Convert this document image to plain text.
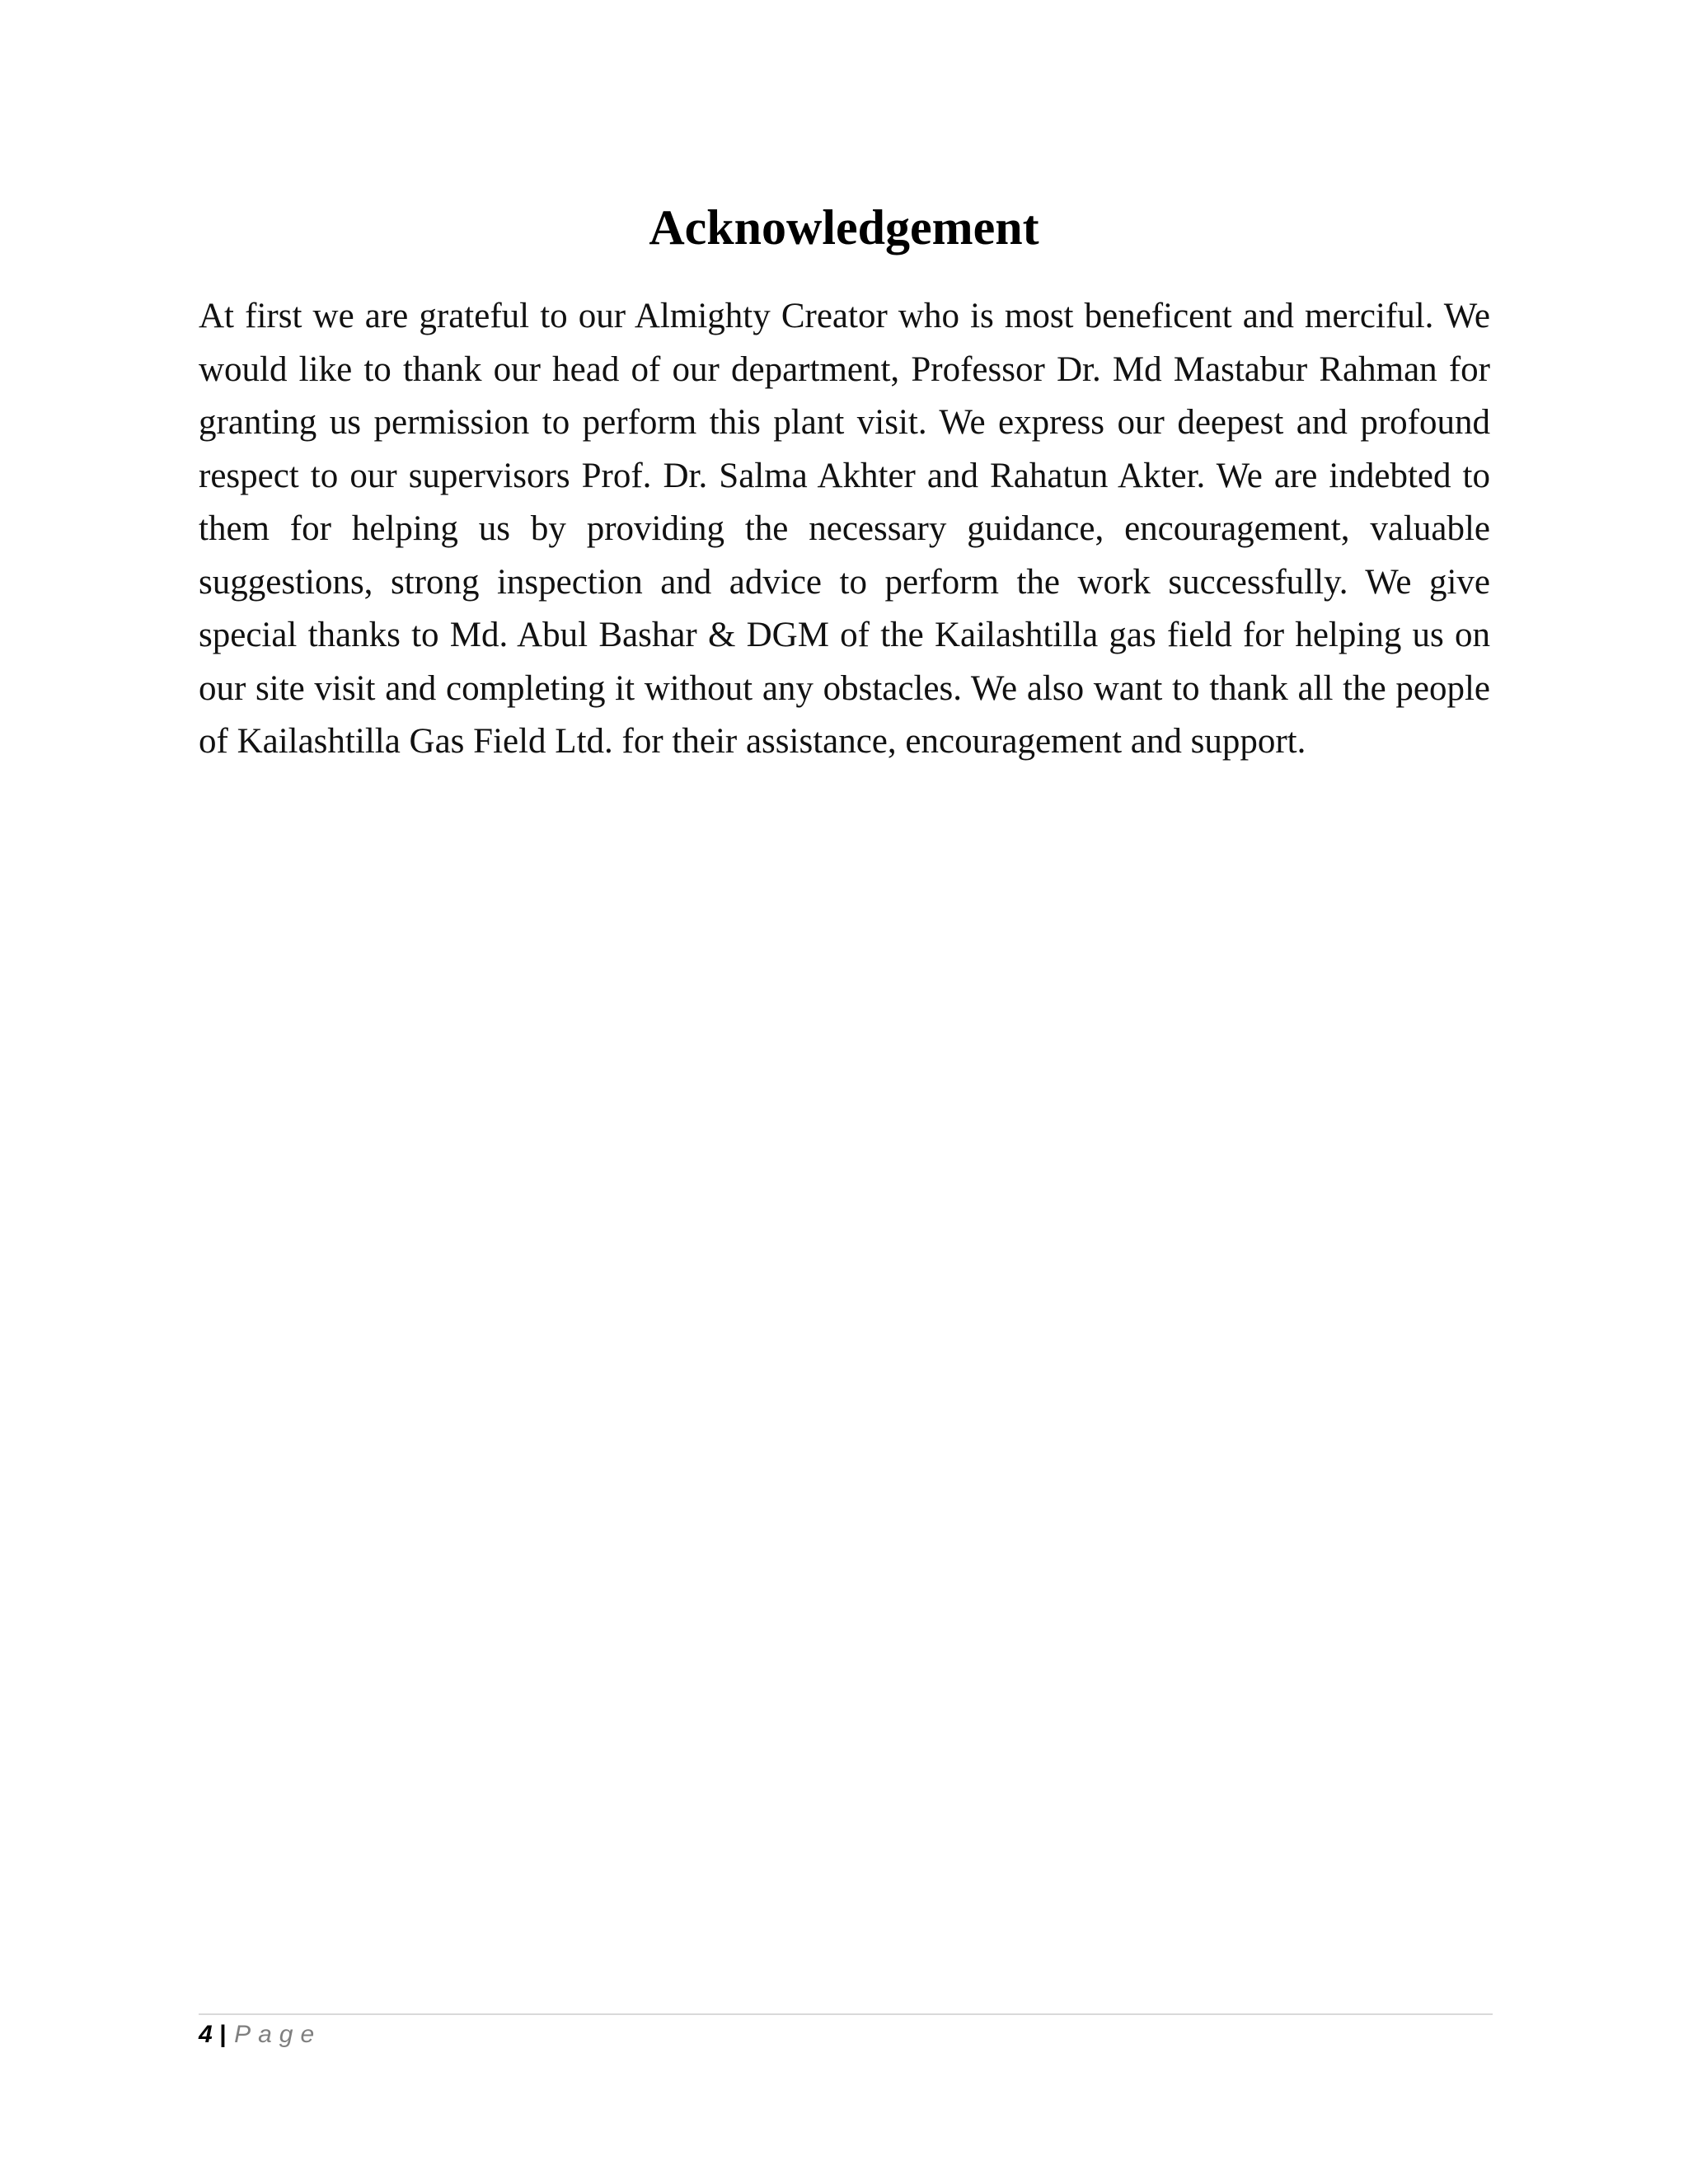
Acknowledgement

At first we are grateful to our Almighty Creator who is most beneficent and merciful. We would like to thank our head of our department, Professor Dr. Md Mastabur Rahman for granting us permission to perform this plant visit. We express our deepest and profound respect to our supervisors Prof. Dr. Salma Akhter and Rahatun Akter. We are indebted to them for helping us by providing the necessary guidance, encouragement, valuable suggestions, strong inspection and advice to perform the work successfully. We give special thanks to Md. Abul Bashar & DGM of the Kailashtilla gas field for helping us on our site visit and completing it without any obstacles. We also want to thank all the people of Kailashtilla Gas Field Ltd. for their assistance, encouragement and support.

4 | Page
